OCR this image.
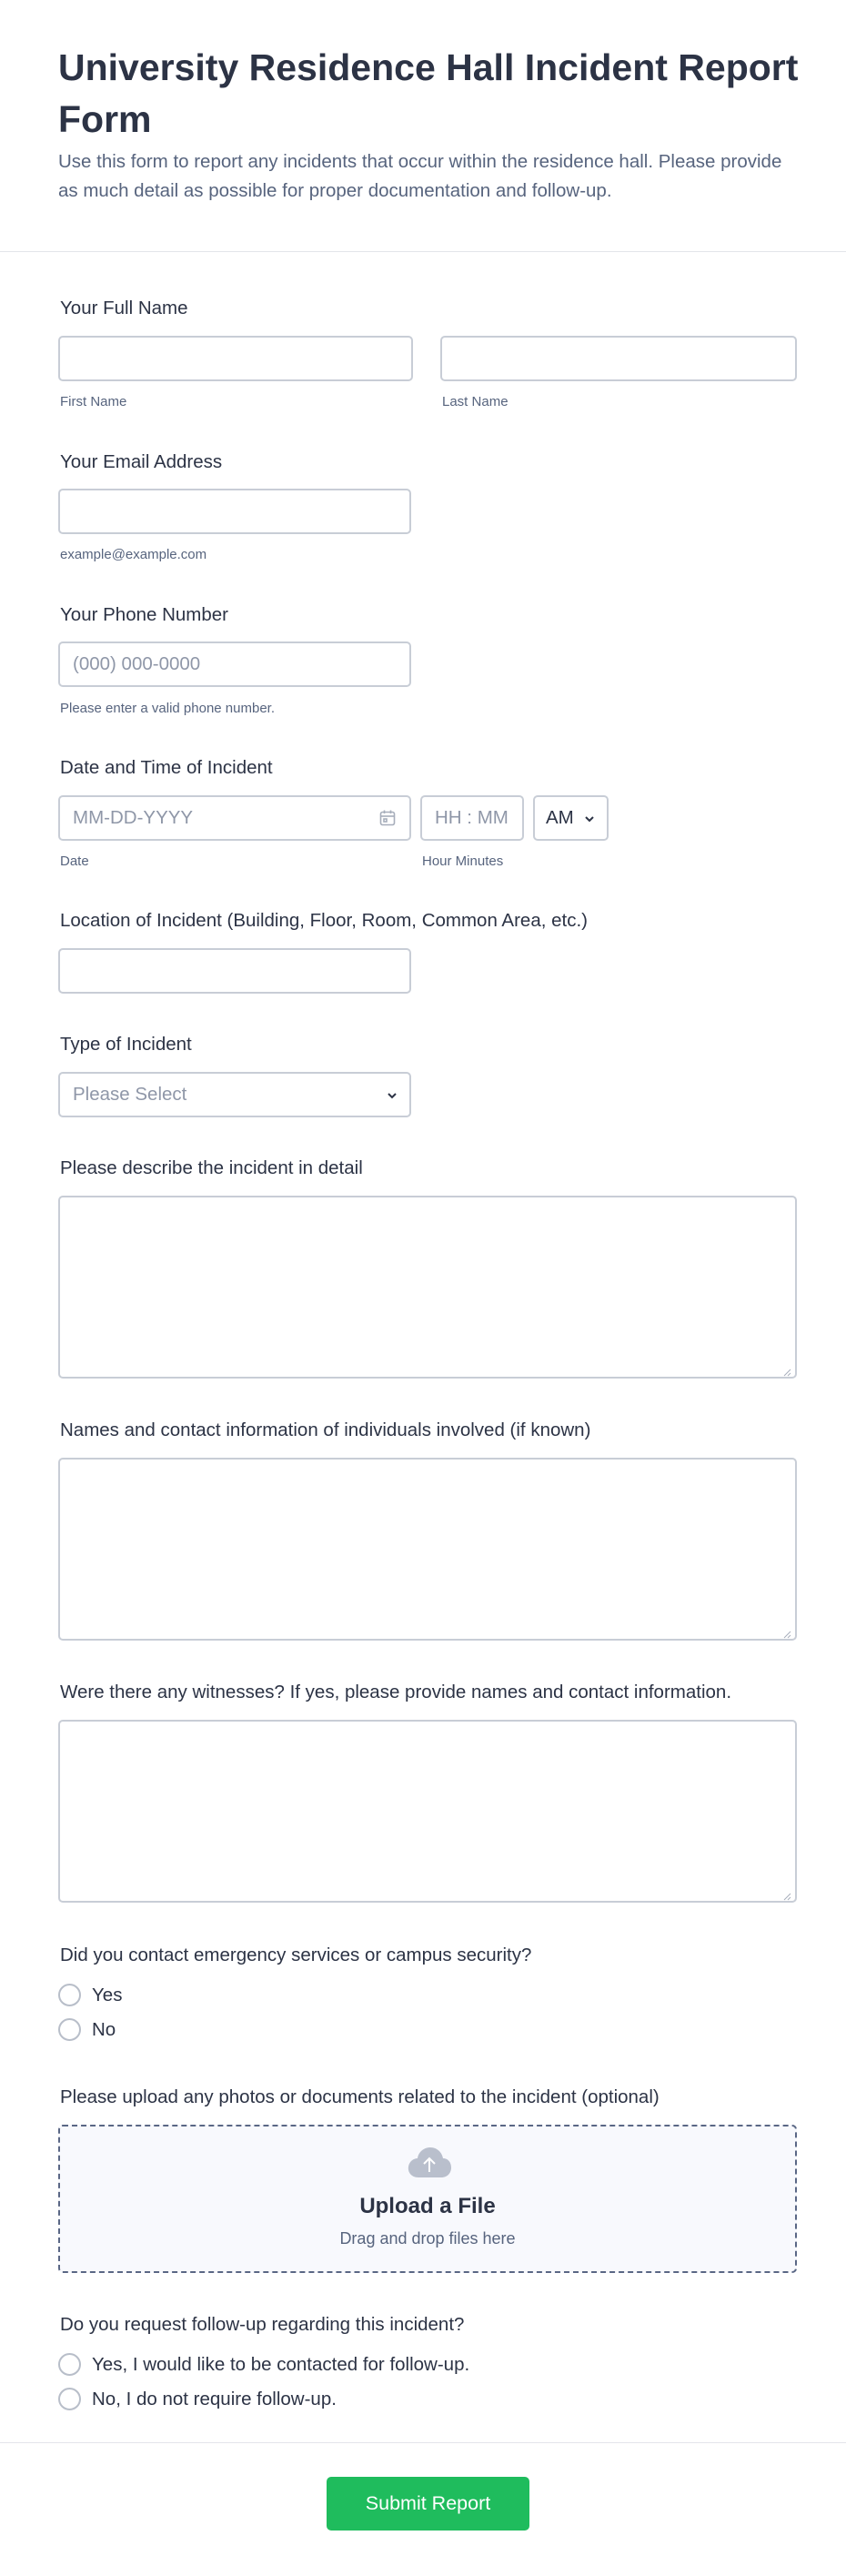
University Residence Hall Incident Report Form
Use this form to report any incidents that occur within the residence hall. Please provide as much detail as possible for proper documentation and follow-up.
Your Full Name
First Name	Last Name
Your Email Address
example@example.com
Your Phone Number
(000) 000-0000
Please enter a valid phone number.
Date and Time of Incident
MM-DD-YYYY	HH : MM AM
Date	Hour Minutes
Location of Incident (Building, Floor, Room, Common Area, etc.)
Type of Incident
Please Select
Please describe the incident in detail
Names and contact information of individuals involved (if known)
Were there any witnesses? If yes, please provide names and contact information.
Did you contact emergency services or campus security?
Yes
No
Please upload any photos or documents related to the incident (optional)
Upload a File
Drag and drop files here
Do you request follow-up regarding this incident?
Yes, I would like to be contacted for follow-up.
No, I do not require follow-up.
Submit Report
